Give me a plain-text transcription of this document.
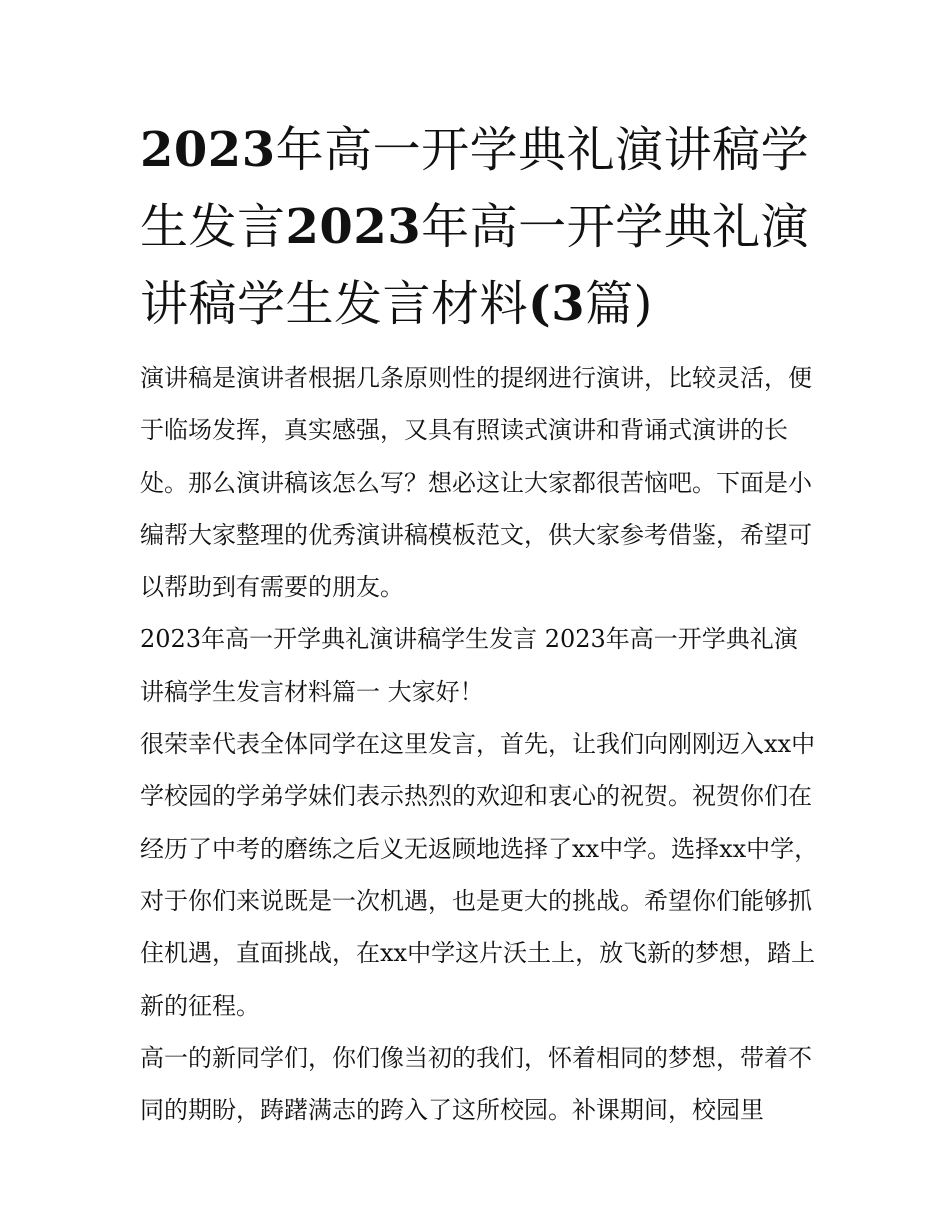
2023年高一开学典礼演讲稿学生发言2023年高一开学典礼演讲稿学生发言材料(3篇)

演讲稿是演讲者根据几条原则性的提纲进行演讲，比较灵活，便于临场发挥，真实感强，又具有照读式演讲和背诵式演讲的长处。那么演讲稿该怎么写？想必这让大家都很苦恼吧。下面是小编帮大家整理的优秀演讲稿模板范文，供大家参考借鉴，希望可以帮助到有需要的朋友。

2023年高一开学典礼演讲稿学生发言 2023年高一开学典礼演讲稿学生发言材料篇一 大家好！

很荣幸代表全体同学在这里发言，首先，让我们向刚刚迈入xx中学校园的学弟学妹们表示热烈的欢迎和衷心的祝贺。祝贺你们在经历了中考的磨练之后义无返顾地选择了xx中学。选择xx中学，对于你们来说既是一次机遇，也是更大的挑战。希望你们能够抓住机遇，直面挑战，在xx中学这片沃土上，放飞新的梦想，踏上新的征程。

高一的新同学们，你们像当初的我们，怀着相同的梦想，带着不同的期盼，踌躇满志的跨入了这所校园。补课期间，校园里
